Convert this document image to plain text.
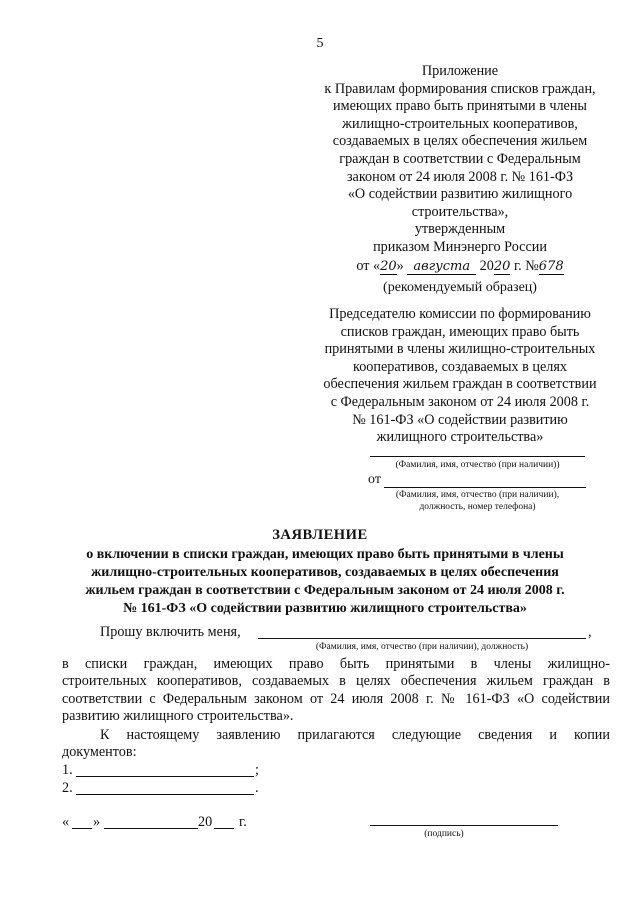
5
Приложение
к Правилам формирования списков граждан,
имеющих право быть принятыми в члены
жилищно-строительных кооперативов,
создаваемых в целях обеспечения жильем
граждан в соответствии с Федеральным
законом от 24 июля 2008 г. № 161-ФЗ
«О содействии развитию жилищного
строительства»,
утвержденным
приказом Минэнерго России
от «20» августа 2020 г. №678
(рекомендуемый образец)
Председателю комиссии по формированию
списков граждан, имеющих право быть
принятыми в члены жилищно-строительных
кооперативов, создаваемых в целях
обеспечения жильем граждан в соответствии
с Федеральным законом от 24 июля 2008 г.
№ 161-ФЗ «О содействии развитию
жилищного строительства»
(Фамилия, имя, отчество (при наличии))
от
(Фамилия, имя, отчество (при наличии),
должность, номер телефона)
ЗАЯВЛЕНИЕ
о включении в списки граждан, имеющих право быть принятыми в члены
жилищно-строительных кооперативов, создаваемых в целях обеспечения
жильем граждан в соответствии с Федеральным законом от 24 июля 2008 г.
№ 161-ФЗ «О содействии развитию жилищного строительства»
Прошу включить меня,	,
(Фамилия, имя, отчество (при наличии), должность)
в списки граждан, имеющих право быть принятыми в члены жилищно-
строительных кооперативов, создаваемых в целях обеспечения жильем граждан в
соответствии с Федеральным законом от 24 июля 2008 г. № 161-ФЗ «О содействии
развитию жилищного строительства».
К настоящему заявлению прилагаются следующие сведения и копии
документов:
1.	;
2.	.
« »	20 г.
(подпись)
